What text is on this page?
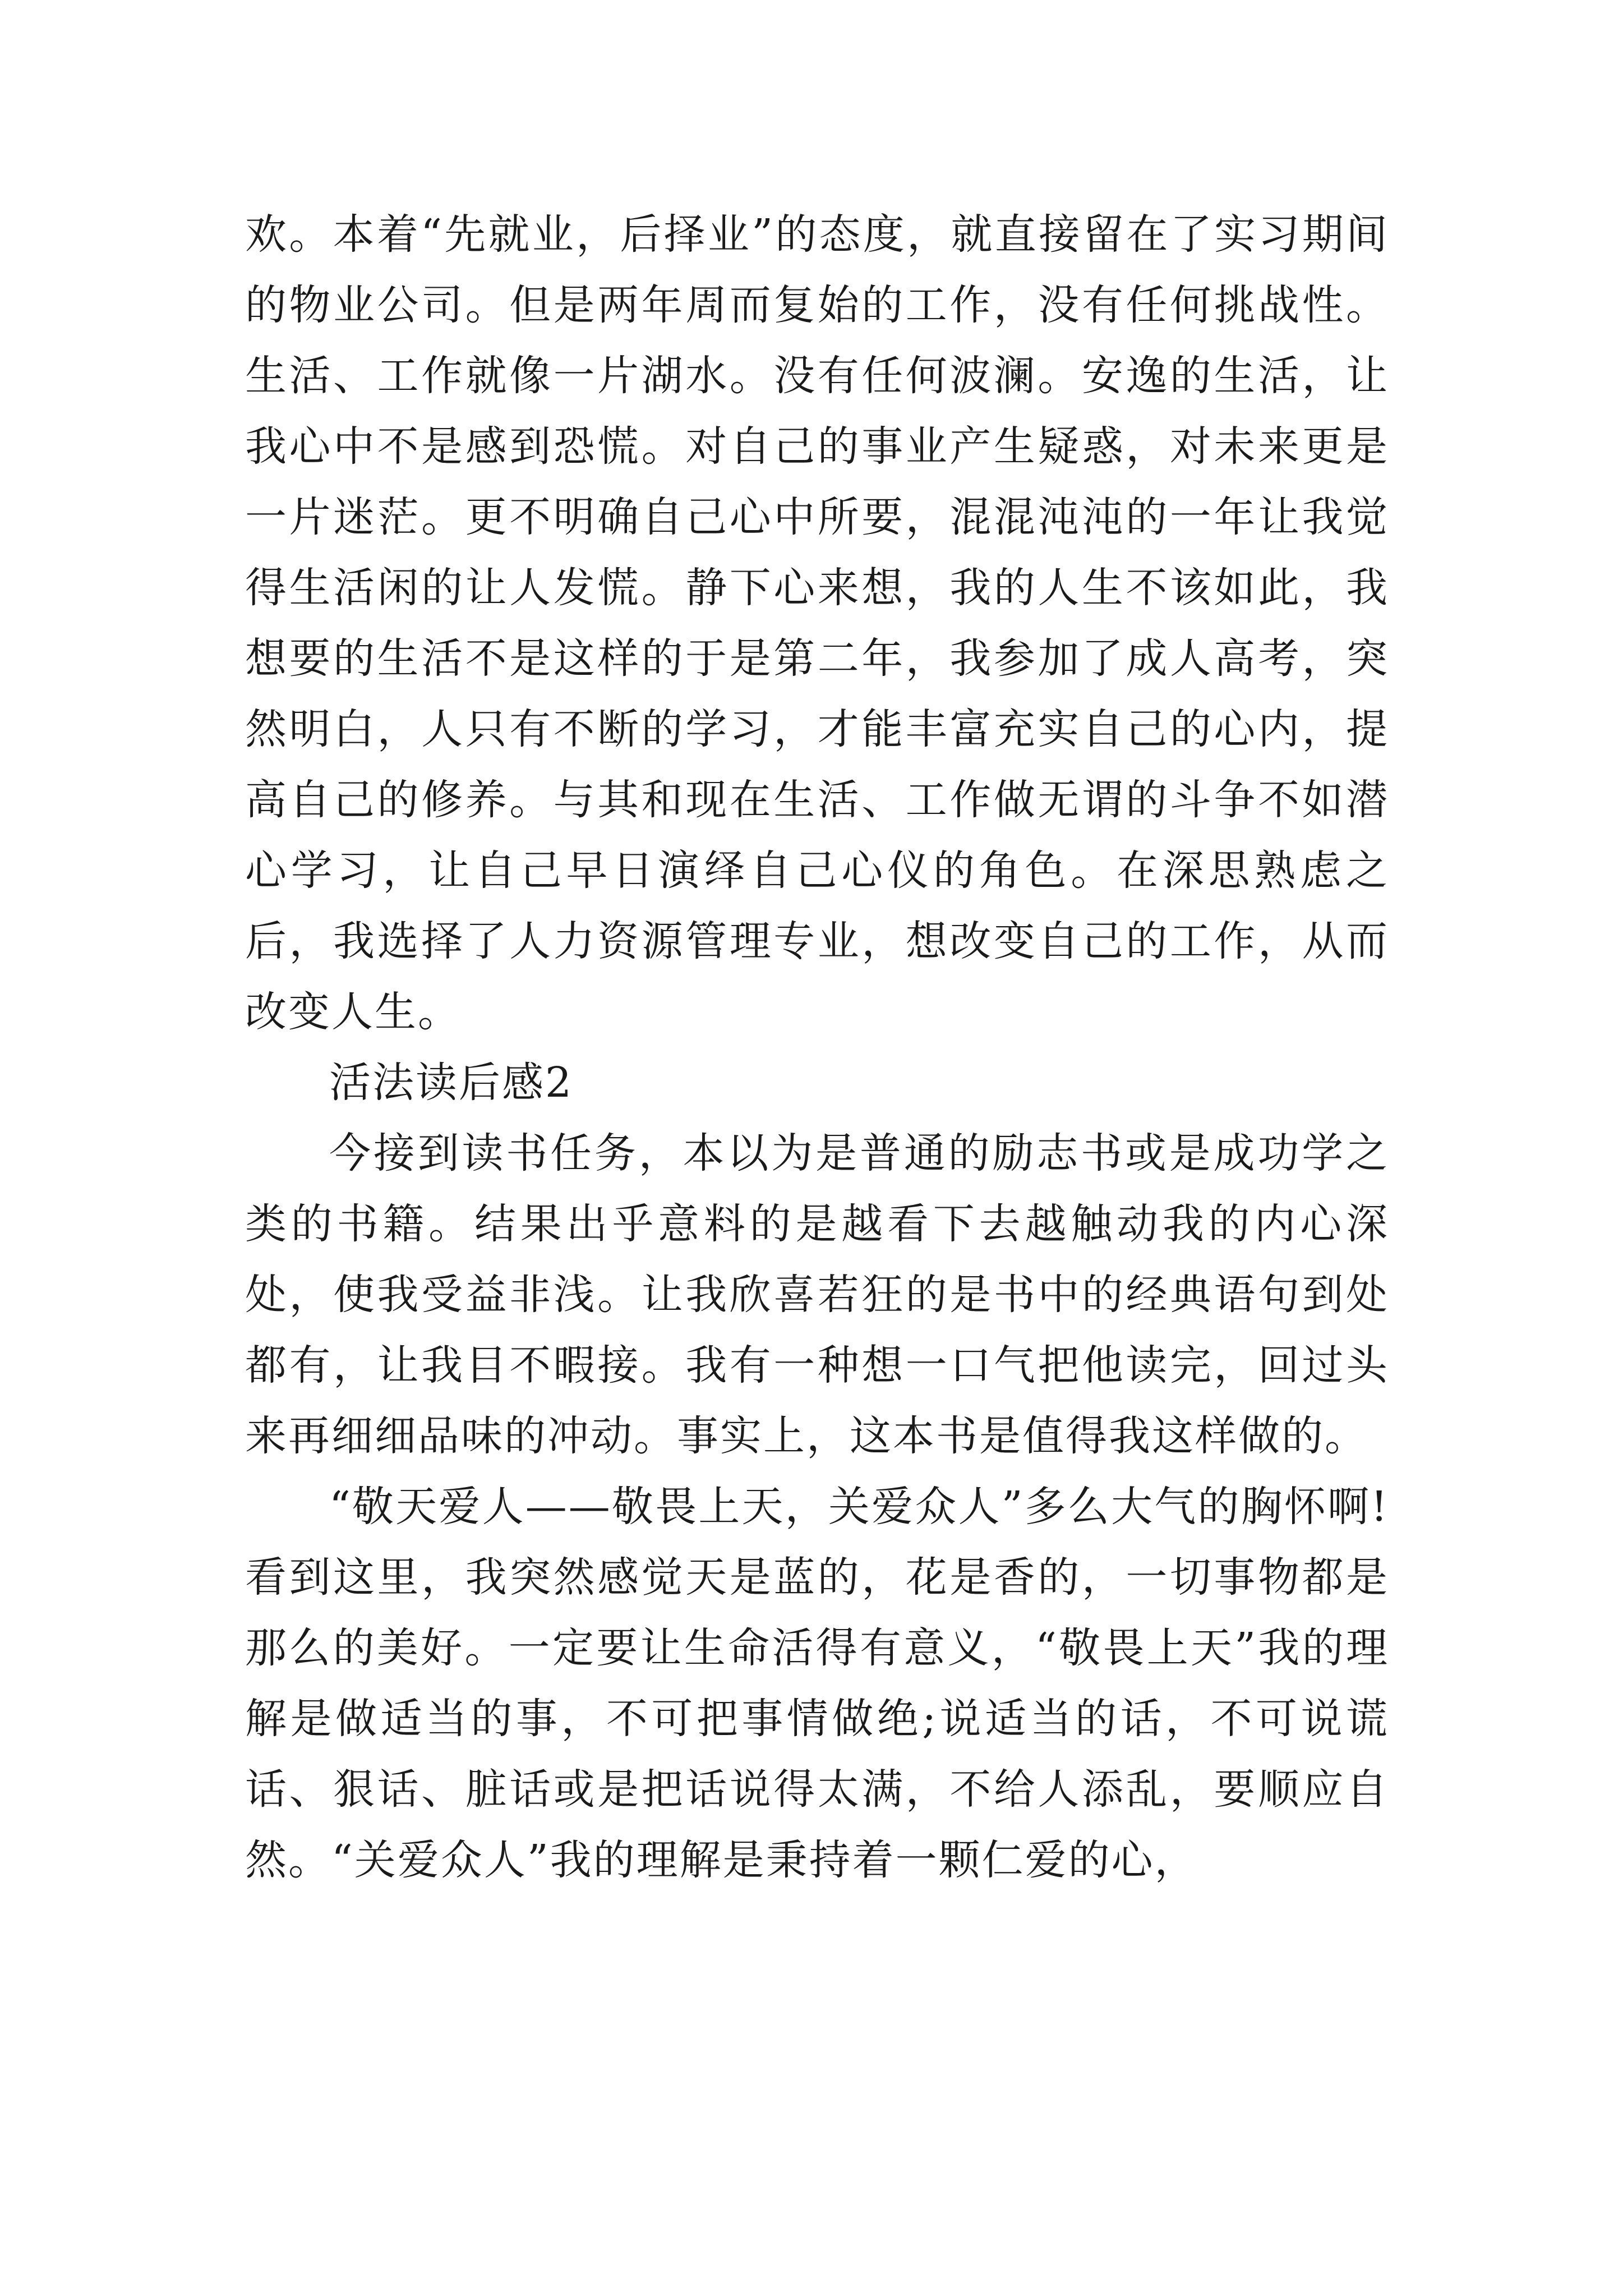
欢。本着“先就业，后择业”的态度，就直接留在了实习期间的物业公司。但是两年周而复始的工作，没有任何挑战性。生活、工作就像一片湖水。没有任何波澜。安逸的生活，让我心中不是感到恐慌。对自己的事业产生疑惑，对未来更是一片迷茫。更不明确自己心中所要，混混沌沌的一年让我觉得生活闲的让人发慌。静下心来想，我的人生不该如此，我想要的生活不是这样的于是第二年，我参加了成人高考，突然明白，人只有不断的学习，才能丰富充实自己的心内，提高自己的修养。与其和现在生活、工作做无谓的斗争不如潜心学习，让自己早日演绎自己心仪的角色。在深思熟虑之后，我选择了人力资源管理专业，想改变自己的工作，从而改变人生。

活法读后感2

今接到读书任务，本以为是普通的励志书或是成功学之类的书籍。结果出乎意料的是越看下去越触动我的内心深处，使我受益非浅。让我欣喜若狂的是书中的经典语句到处都有，让我目不暇接。我有一种想一口气把他读完，回过头来再细细品味的冲动。事实上，这本书是值得我这样做的。

“敬天爱人——敬畏上天，关爱众人”多么大气的胸怀啊!看到这里，我突然感觉天是蓝的，花是香的，一切事物都是那么的美好。一定要让生命活得有意义，“敬畏上天”我的理解是做适当的事，不可把事情做绝;说适当的话，不可说谎话、狠话、脏话或是把话说得太满，不给人添乱，要顺应自然。“关爱众人”我的理解是秉持着一颗仁爱的心，
